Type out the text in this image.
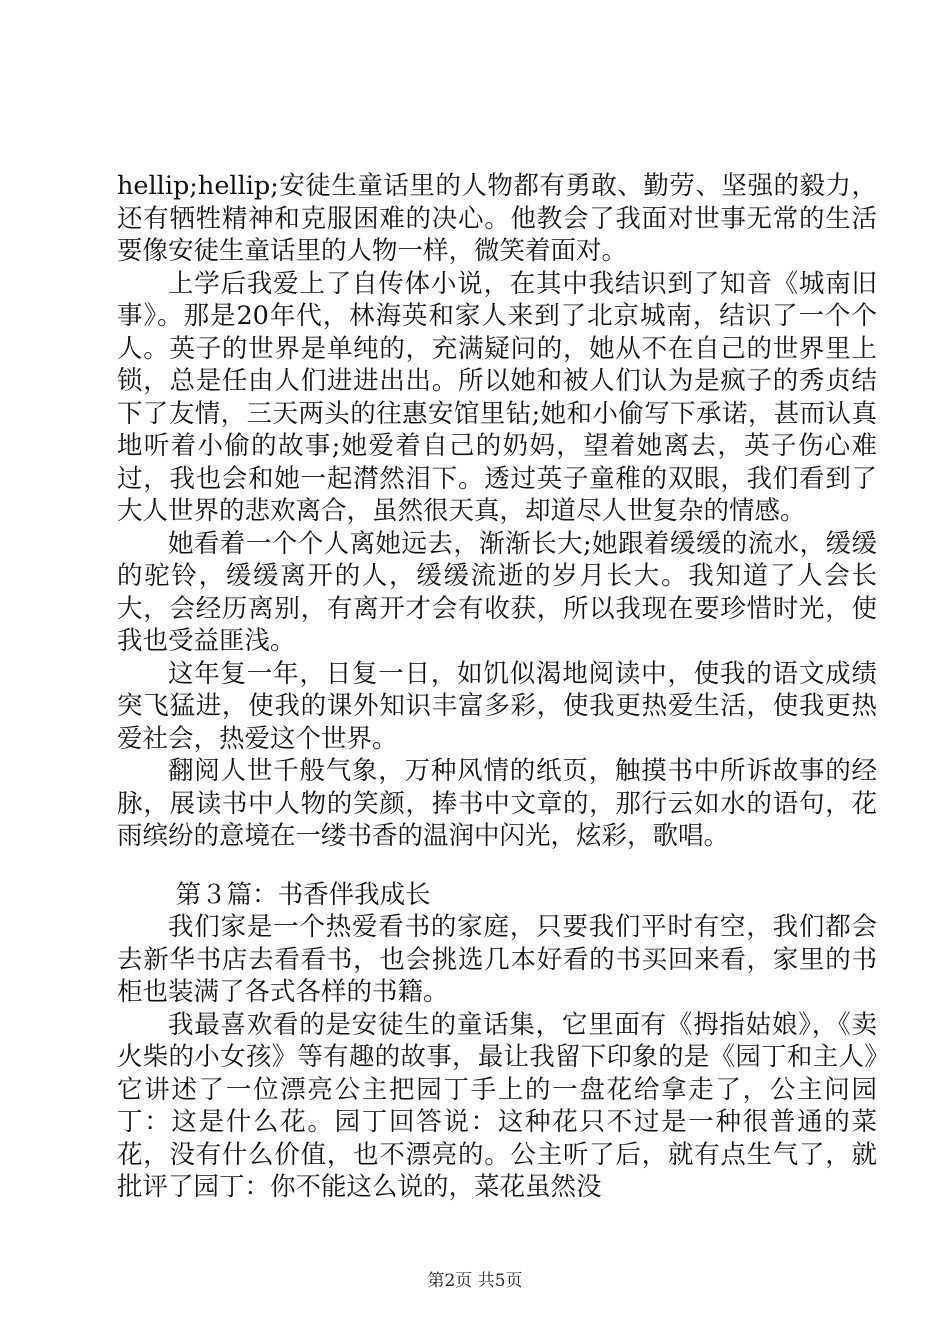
hellip;hellip;安徒生童话里的人物都有勇敢、勤劳、坚强的毅力，还有牺牲精神和克服困难的决心。他教会了我面对世事无常的生活要像安徒生童话里的人物一样，微笑着面对。

上学后我爱上了自传体小说，在其中我结识到了知音《城南旧事》。那是20年代，林海英和家人来到了北京城南，结识了一个个人。英子的世界是单纯的，充满疑问的，她从不在自己的世界里上锁，总是任由人们进进出出。所以她和被人们认为是疯子的秀贞结下了友情，三天两头的往惠安馆里钻;她和小偷写下承诺，甚而认真地听着小偷的故事;她爱着自己的奶妈，望着她离去，英子伤心难过，我也会和她一起潸然泪下。透过英子童稚的双眼，我们看到了大人世界的悲欢离合，虽然很天真，却道尽人世复杂的情感。

她看着一个个人离她远去，渐渐长大;她跟着缓缓的流水，缓缓的驼铃，缓缓离开的人，缓缓流逝的岁月长大。我知道了人会长大，会经历离别，有离开才会有收获，所以我现在要珍惜时光，使我也受益匪浅。

这年复一年，日复一日，如饥似渴地阅读中，使我的语文成绩突飞猛进，使我的课外知识丰富多彩，使我更热爱生活，使我更热爱社会，热爱这个世界。

翻阅人世千般气象，万种风情的纸页，触摸书中所诉故事的经脉，展读书中人物的笑颜，捧书中文章的，那行云如水的语句，花雨缤纷的意境在一缕书香的温润中闪光，炫彩，歌唱。

第３篇：书香伴我成长

我们家是一个热爱看书的家庭，只要我们平时有空，我们都会去新华书店去看看书，也会挑选几本好看的书买回来看，家里的书柜也装满了各式各样的书籍。

我最喜欢看的是安徒生的童话集，它里面有《拇指姑娘》，《卖火柴的小女孩》等有趣的故事，最让我留下印象的是《园丁和主人》它讲述了一位漂亮公主把园丁手上的一盘花给拿走了，公主问园丁：这是什么花。园丁回答说：这种花只不过是一种很普通的菜花，没有什么价值，也不漂亮的。公主听了后，就有点生气了，就批评了园丁：你不能这么说的，菜花虽然没

第2页 共5页
